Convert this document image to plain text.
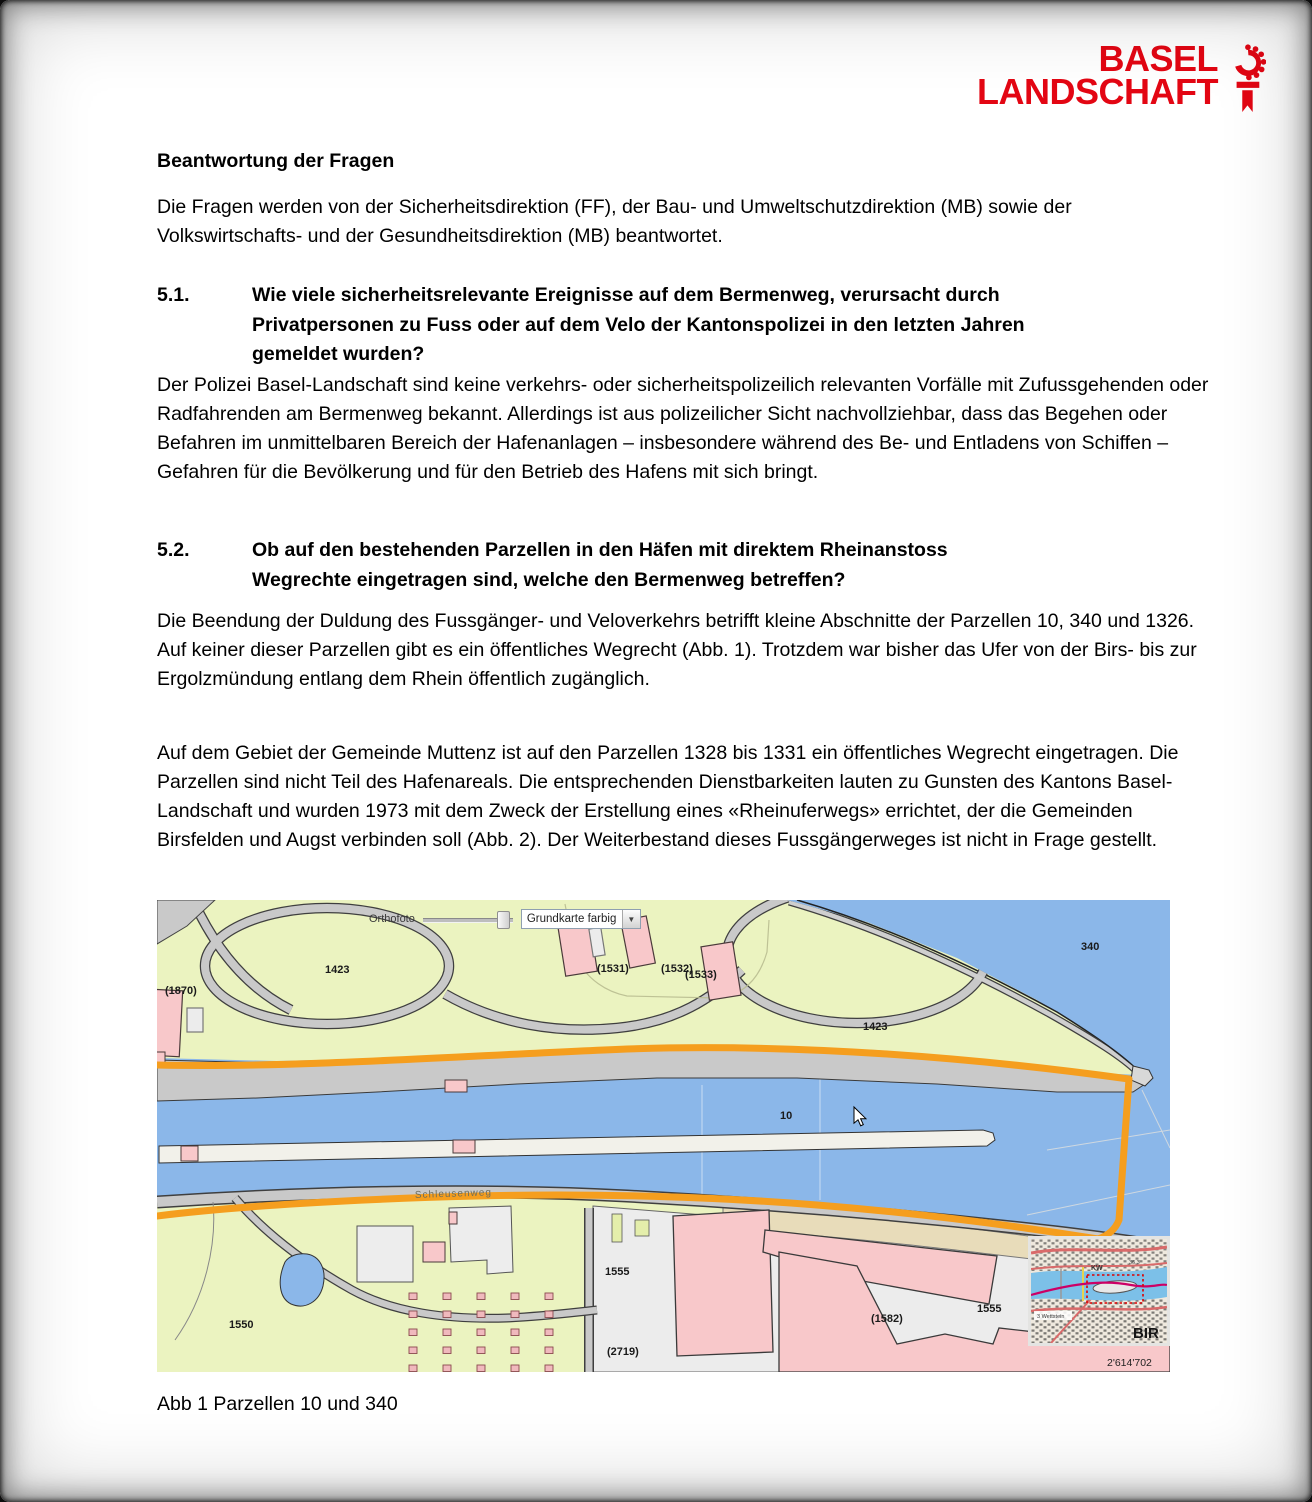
BASEL
LANDSCHAFT
Beantwortung der Fragen
Die Fragen werden von der Sicherheitsdirektion (FF), der Bau- und Umweltschutzdirektion (MB) sowie der Volkswirtschafts- und der Gesundheitsdirektion (MB) beantwortet.
5.1.	Wie viele sicherheitsrelevante Ereignisse auf dem Bermenweg, verursacht durch
Privatpersonen zu Fuss oder auf dem Velo der Kantonspolizei in den letzten Jahren
gemeldet wurden?
Der Polizei Basel-Landschaft sind keine verkehrs- oder sicherheitspolizeilich relevanten Vorfälle mit Zufussgehenden oder Radfahrenden am Bermenweg bekannt. Allerdings ist aus polizeilicher Sicht nachvollziehbar, dass das Begehen oder Befahren im unmittelbaren Bereich der Hafenanlagen – insbesondere während des Be- und Entladens von Schiffen – Gefahren für die Bevölkerung und für den Betrieb des Hafens mit sich bringt.
5.2.	Ob auf den bestehenden Parzellen in den Häfen mit direktem Rheinanstoss
Wegrechte eingetragen sind, welche den Bermenweg betreffen?
Die Beendung der Duldung des Fussgänger- und Veloverkehrs betrifft kleine Abschnitte der Parzellen 10, 340 und 1326. Auf keiner dieser Parzellen gibt es ein öffentliches Wegrecht (Abb. 1). Trotzdem war bisher das Ufer von der Birs- bis zur Ergolzmündung entlang dem Rhein öffentlich zugänglich.
Auf dem Gebiet der Gemeinde Muttenz ist auf den Parzellen 1328 bis 1331 ein öffentliches Wegrecht eingetragen. Die Parzellen sind nicht Teil des Hafenareals. Die entsprechenden Dienstbarkeiten lauten zu Gunsten des Kantons Basel-Landschaft und wurden 1973 mit dem Zweck der Erstellung eines «Rheinuferwegs» errichtet, der die Gemeinden Birsfelden und Augst verbinden soll (Abb. 2). Der Weiterbestand dieses Fussgängerweges ist nicht in Frage gestellt.
(1870)
1423	(1531)	(1532)
(1533)
1423
340
10
Schleusenweg
1550
1555
(1582)
1555
(2719)
2'614'702
Orthofoto	Grundkarte farbig	▼
KW
36.3
3 Wettstein
BIR
Abb 1 Parzellen 10 und 340
